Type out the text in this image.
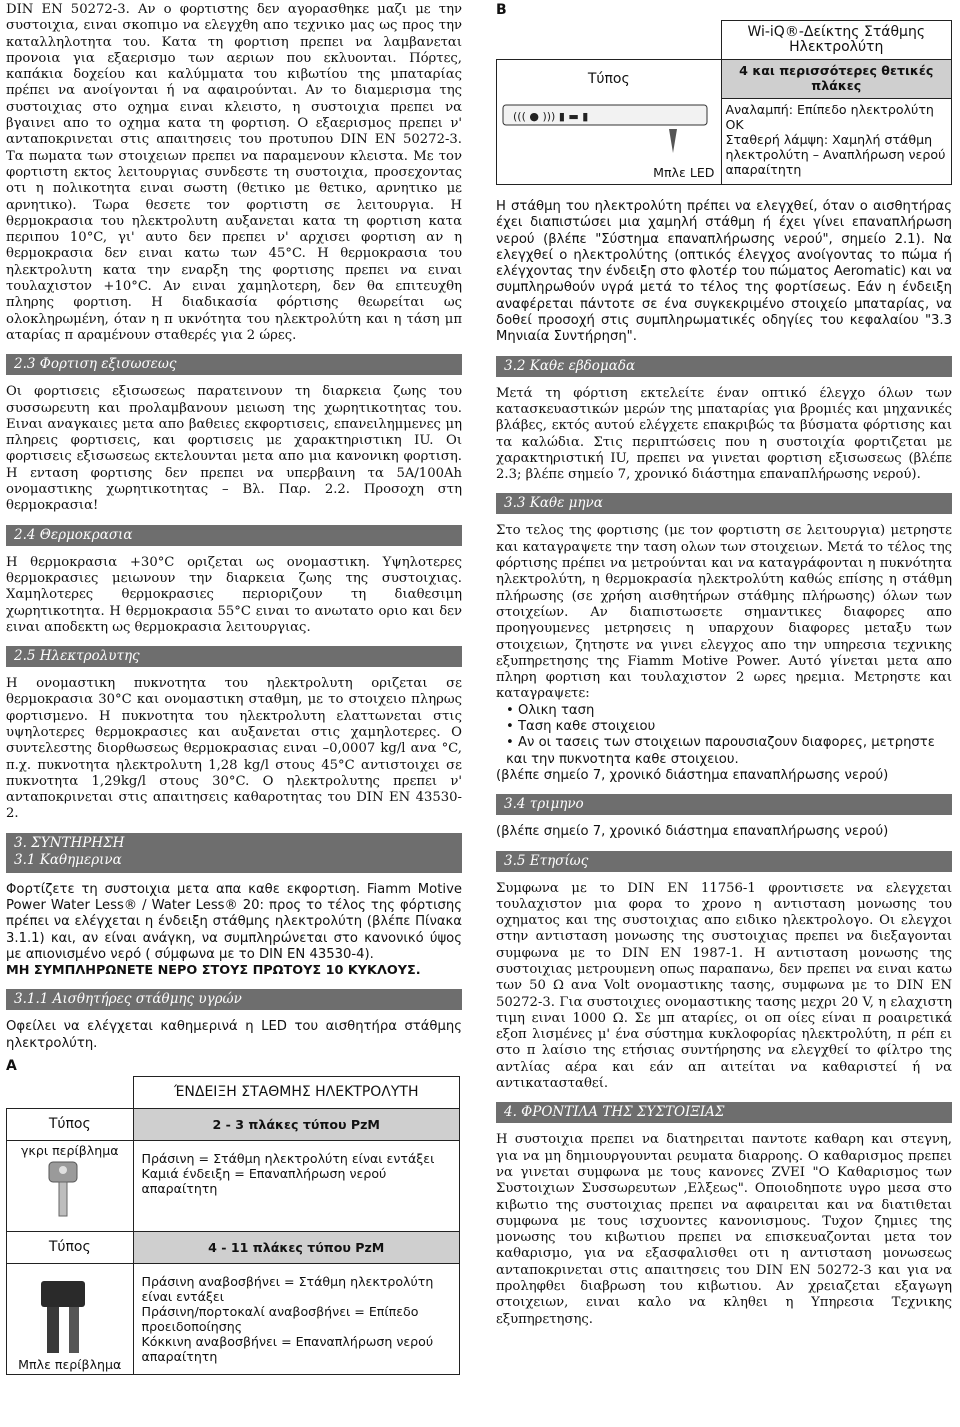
DIN EN 50272-3. Αν ο φορτιστης δεν αγορασθηκε μαζι με την συστοιχια, ειναι σκοπιμο να ελεγχθη απο τεχνικο μας ως προς την καταλληλοτητα του. Κατα τη φορτιση πρεπει να λαμβανεται προνοια για εξαερισμο των αεριων που εκλυονται. Πόρτες, καπάκια δοχείου και καλύμματα του κιβωτίου της μπαταρίας πρέπει να ανοίγονται ή να αφαιρούνται. Αν το διαμερισμα της συστοιχιας στο οχημα ειναι κλειστο, η συστοιχια πρεπει να βγαινει απο το οχημα κατα τη φορτιση. Ο εξαερισμος πρεπει ν' ανταποκρινεται στις απαιτησεις του προτυπου DIN EN 50272-3. Τα πωματα των στοιχειων πρεπει να παραμενουν κλειστα. Με τον φορτιστη εκτος λειτουργιας συνδεστε τη συστοιχια, προσεχοντας οτι η πολικοτητα ειναι σωστη (θετικο με θετικο, αρνητικο με αρνητικο). Τωρα θεσετε τον φορτιστη σε λειτουργια. Η θερμοκρασια του ηλεκτρολυτη αυξανεται κατα τη φορτιση κατα περιπου 10°C, γι' αυτο δεν πρεπει ν' αρχισει φορτιση αν η θερμοκρασια δεν ειναι κατω των 45°C. Η θερμοκρασια του ηλεκτρολυτη κατα την εναρξη της φορτισης πρεπει να ειναι τουλαχιστον +10°C. Αν ειναι χαμηλοτερη, δεν θα επιτευχθη πληρης φορτιση. Η διαδικασία φόρτισης θεωρείται ως ολοκληρωμένη, όταν η π υκνότητα του ηλεκτρολύτη και η τάση μπ αταρίας π αραμένουν σταθερές για 2 ώρες.

2.3 Φορτιση εξισωσεως

Οι φορτισεις εξισωσεως παρατεινουν τη διαρκεια ζωης του συσσωρευτη και προλαμβανουν μειωση της χωρητικοτητας του. Ειναι αναγκαιες μετα απο βαθειες εκφορτισεις, επανειλημμενες μη πληρεις φορτισεις, και φορτισεις με χαρακτηριστικη IU. Οι φορτισεις εξισωσεως εκτελουνται μετα απο μια κανονικη φορτιση. Η ενταση φορτισης δεν πρεπει να υπερβαινη τα 5A/100Ah ονομαστικης χωρητικοτητας – Βλ. Παρ. 2.2. Προσοχη στη θερμοκρασια!

2.4 Θερμοκρασια

Η θερμοκρασια +30°C οριζεται ως ονομαστικη. Υψηλοτερες θερμοκρασιες μειωνουν την διαρκεια ζωης της συστοιχιας. Χαμηλοτερες θερμοκρασιες περιοριζουν τη διαθεσιμη χωρητικοτητα. Η θερμοκρασια 55°C ειναι το ανωτατο οριο και δεν ειναι αποδεκτη ως θερμοκρασια λειτουργιας.

2.5 Ηλεκτρολυτης

Η ονομαστικη πυκνοτητα του ηλεκτρολυτη οριζεται σε θερμοκρασια 30°C και ονομαστικη σταθμη, με το στοιχειο πληρως φορτισμενο. Η πυκνοτητα του ηλεκτρολυτη ελαττωνεται στις υψηλοτερες θερμοκρασιες και αυξανεται στις χαμηλοτερες. Ο συντελεστης διορθωσεως θερμοκρασιας ειναι –0,0007 kg/l ανα °C, π.χ. πυκνοτητα ηλεκτρολυτη 1,28 kg/l στους 45°C αντιστοιχει σε πυκνοτητα 1,29kg/l στους 30°C. Ο ηλεκτρολυτης πρεπει ν' ανταποκρινεται στις απαιτησεις καθαροτητας του DIN EN 43530-2.

3. ΣΥΝΤΗΡΗΣΗ
3.1 Καθημερινα

Φορτίζετε τη συστοιχια μετα απα καθε εκφορτιση. Fiamm Motive Power Water Less® / Water Less® 20: προς το τέλος της φόρτισης πρέπει να ελέγχεται η ένδειξη στάθμης ηλεκτρολύτη (βλέπε Πίνακα 3.1.1) και, αν είναι ανάγκη, να συμπληρώνεται στο κανονικό ύψος με απιονισμένο νερό ( σύμφωνα με το DIN EN 43530-4).

ΜΗ ΣΥΜΠΛΗΡΩΝΕΤΕ ΝΕΡΟ ΣΤΟΥΣ ΠΡΩΤΟΥΣ 10 ΚΥΚΛΟΥΣ.
3.1.1 Αισθητήρες στάθμης υγρών

Οφείλει να ελέγχεται καθημερινά η LED του αισθητήρα στάθμης ηλεκτρολύτη.

A
	ΈΝΔΕΙΞΗ ΣΤΑΘΜΗΣ ΗΛΕΚΤΡΟΛΥΤΗ
Τύπος	2 - 3 πλάκες τύπου PzM

γκρι περίβλημα	Πράσινη = Στάθμη ηλεκτρολύτη είναι εντάξει
Καμιά ένδειξη = Επαναπλήρωση νερού απαραίτητη
Τύπος	4 - 11 πλάκες τύπου PzM

Μπλε περίβλημα	Πράσινη αναβοσβήνει = Στάθμη ηλεκτρολύτη είναι εντάξει
Πράσινη/πορτοκαλί αναβοσβήνει = Επίπεδο προειδοποίησης
Κόκκινη αναβοσβήνει = Επαναπλήρωση νερού απαραίτητη
B
	Wi-iQ®-Δείκτης Στάθμης Ηλεκτρολύτη

Τύπος
((( ● ))) ▮ ▬ ▮
Μπλε LED	4 και περισσότερες θετικές πλάκες
	Αναλαμπή: Επίπεδο ηλεκτρολύτη OK
Σταθερή λάμψη: Χαμηλή στάθμη ηλεκτρολύτη – Αναπλήρωση νερού απαραίτητη

Η στάθμη του ηλεκτρολύτη πρέπει να ελεγχθεί, όταν ο αισθητήρας έχει διαπιστώσει μια χαμηλή στάθμη ή έχει γίνει επαναπλήρωση νερού (βλέπε "Σύστημα επαναπλήρωσης νερού", σημείο 2.1). Να ελεγχθεί ο ηλεκτρολύτης (οπτικός έλεγχος ανοίγοντας το πώμα ή ελέγχοντας την ένδειξη στο φλοτέρ του πώματος Aeromatic) και να συμπληρωθούν υγρά μετά το τέλος της φορτίσεως. Εάν η ένδειξη αναφέρεται πάντοτε σε ένα συγκεκριμένο στοιχείο μπαταρίας, να δοθεί προσοχή στις συμπληρωματικές οδηγίες του κεφαλαίου "3.3 Μηνιαία Συντήρηση".

3.2 Καθε εβδομαδα

Μετά τη φόρτιση εκτελείτε έναν οπτικό έλεγχο όλων των κατασκευαστικών μερών της μπαταρίας για βρομιές και μηχανικές βλάβες, εκτός αυτού ελέγχετε επακριβώς τα βύσματα φόρτισης και τα καλώδια. Στις περιπτώσεις που η συστοιχία φορτιζεται με χαρακτηριστική IU, πρεπει να γινεται φορτιση εξισωσεως (βλέπε 2.3; βλέπε σημείο 7, χρονικό διάστημα επαναπλήρωσης νερού).

3.3 Καθε μηνα

Στο τελος της φορτισης (με τον φορτιστη σε λειτουργια) μετρηστε και καταγραψετε την ταση ολων των στοιχειων. Μετά το τέλος της φόρτισης πρέπει να μετρούνται και να καταγράφονται η πυκνότητα ηλεκτρολύτη, η θερμοκρασία ηλεκτρολύτη καθώς επίσης η στάθμη πλήρωσης (σε χρήση αισθητήρων στάθμης πλήρωσης) όλων των στοιχείων. Αν διαπιστωσετε σημαντικες διαφορες απο προηγουμενες μετρησεις η υπαρχουν διαφορες μεταξυ των στοιχειων, ζητηστε να γινει ελεγχος απο την υπηρεσια τεχνικης εξυπηρετησης της Fiamm Motive Power. Αυτό γίνεται μετα απο πληρη φορτιση και τουλαχιστον 2 ωρες ηρεμια. Μετρηστε και καταγραψετε:

• Ολικη ταση
• Ταση καθε στοιχειου
• Αν οι τασεις των στοιχειων παρουσιαζουν διαφορες, μετρηστε και την πυκνοτητα καθε στοιχειου.

(βλέπε σημείο 7, χρονικό διάστημα επαναπλήρωσης νερού)

3.4 τριμηνο

(βλέπε σημείο 7, χρονικό διάστημα επαναπλήρωσης νερού)

3.5 Ετησίως

Συμφωνα με το DIN EN 11756-1 φροντισετε να ελεγχεται τουλαχιστον μια φορα το χρονο η αντισταση μονωσης του οχηματος και της συστοιχιας απο ειδικο ηλεκτρολογο. Οι ελεγχοι στην αντισταση μονωσης της συστοιχιας πρεπει να διεξαγονται συμφωνα με το DIN EN 1987-1. Η αντισταση μονωσης της συστοιχιας μετρουμενη οπως παραπανω, δεν πρεπει να ειναι κατω των 50 Ω ανα Volt ονομαστικης τασης, συμφωνα με το DIN EN 50272-3. Για συστοιχιες ονομαστικης τασης μεχρι 20 V, η ελαχιστη τιμη ειναι 1000 Ω. Σε μπ αταρίες, οι οπ οίες είναι π ροαιρετικά εξοπ λισμένες μ' ένα σύστημα κυκλοφορίας ηλεκτρολύτη, π ρέπ ει στο π λαίσιο της ετήσιας συντήρησης να ελεγχθεί το φίλτρο της αντλίας αέρα και εάν απ αιτείται να καθαριστεί ή να αντικατασταθεί.

4. ΦΡΟΝΤΙΛΑ ΤΗΣ ΣΥΣΤΟΙΞΙΑΣ

Η συστοιχια πρεπει να διατηρειται παντοτε καθαρη και στεγνη, για να μη δημιουργουνται ρευματα διαρροης. Ο καθαρισμος πρεπει να γινεται συμφωνα με τους κανονες ZVEI "Ο Καθαρισμος των Συστοιχιων Συσσωρευτων ‚Ελξεως". Οποιοδηποτε υγρο μεσα στο κιβωτιο της συστοιχιας πρεπει να αφαιρειται και να διατιθεται συμφωνα με τους ισχυοντες κανονισμους. Τυχον ζημιες της μονωσης του κιβωτιου πρεπει να επισκευαζονται μετα τον καθαρισμο, για να εξασφαλισθει οτι η αντισταση μονωσεως ανταποκρινεται στις απαιτησεις του DIN EN 50272-3 και για να προληφθει διαβρωση του κιβωτιου. Αν χρειαζεται εξαγωγη στοιχειων, ειναι καλο να κληθει η Υπηρεσια Τεχνικης εξυπηρετησης.
